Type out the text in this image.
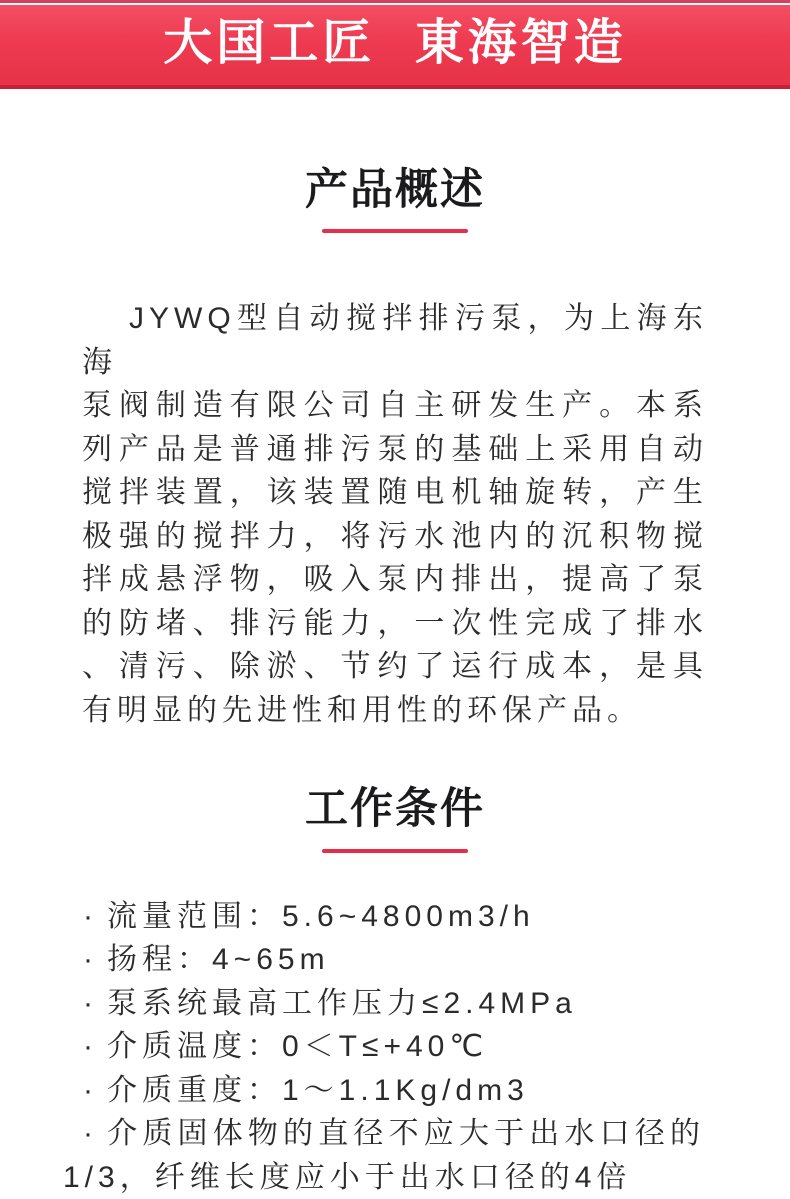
大国工匠 東海智造
产品概述
JYWQ型自动搅拌排污泵，为上海东海
泵阀制造有限公司自主研发生产。本系
列产品是普通排污泵的基础上采用自动
搅拌装置，该装置随电机轴旋转，产生
极强的搅拌力，将污水池内的沉积物搅
拌成悬浮物，吸入泵内排出，提高了泵
的防堵、排污能力，一次性完成了排水
、清污、除淤、节约了运行成本，是具
有明显的先进性和用性的环保产品。
工作条件
· 流量范围：5.6~4800m3/h
· 扬程：4~65m
· 泵系统最高工作压力≤2.4MPa
· 介质温度：0＜T≤+40℃
· 介质重度：1～1.1Kg/dm3
· 介质固体物的直径不应大于出水口径的1/3，纤维长度应小于出水口径的4倍
